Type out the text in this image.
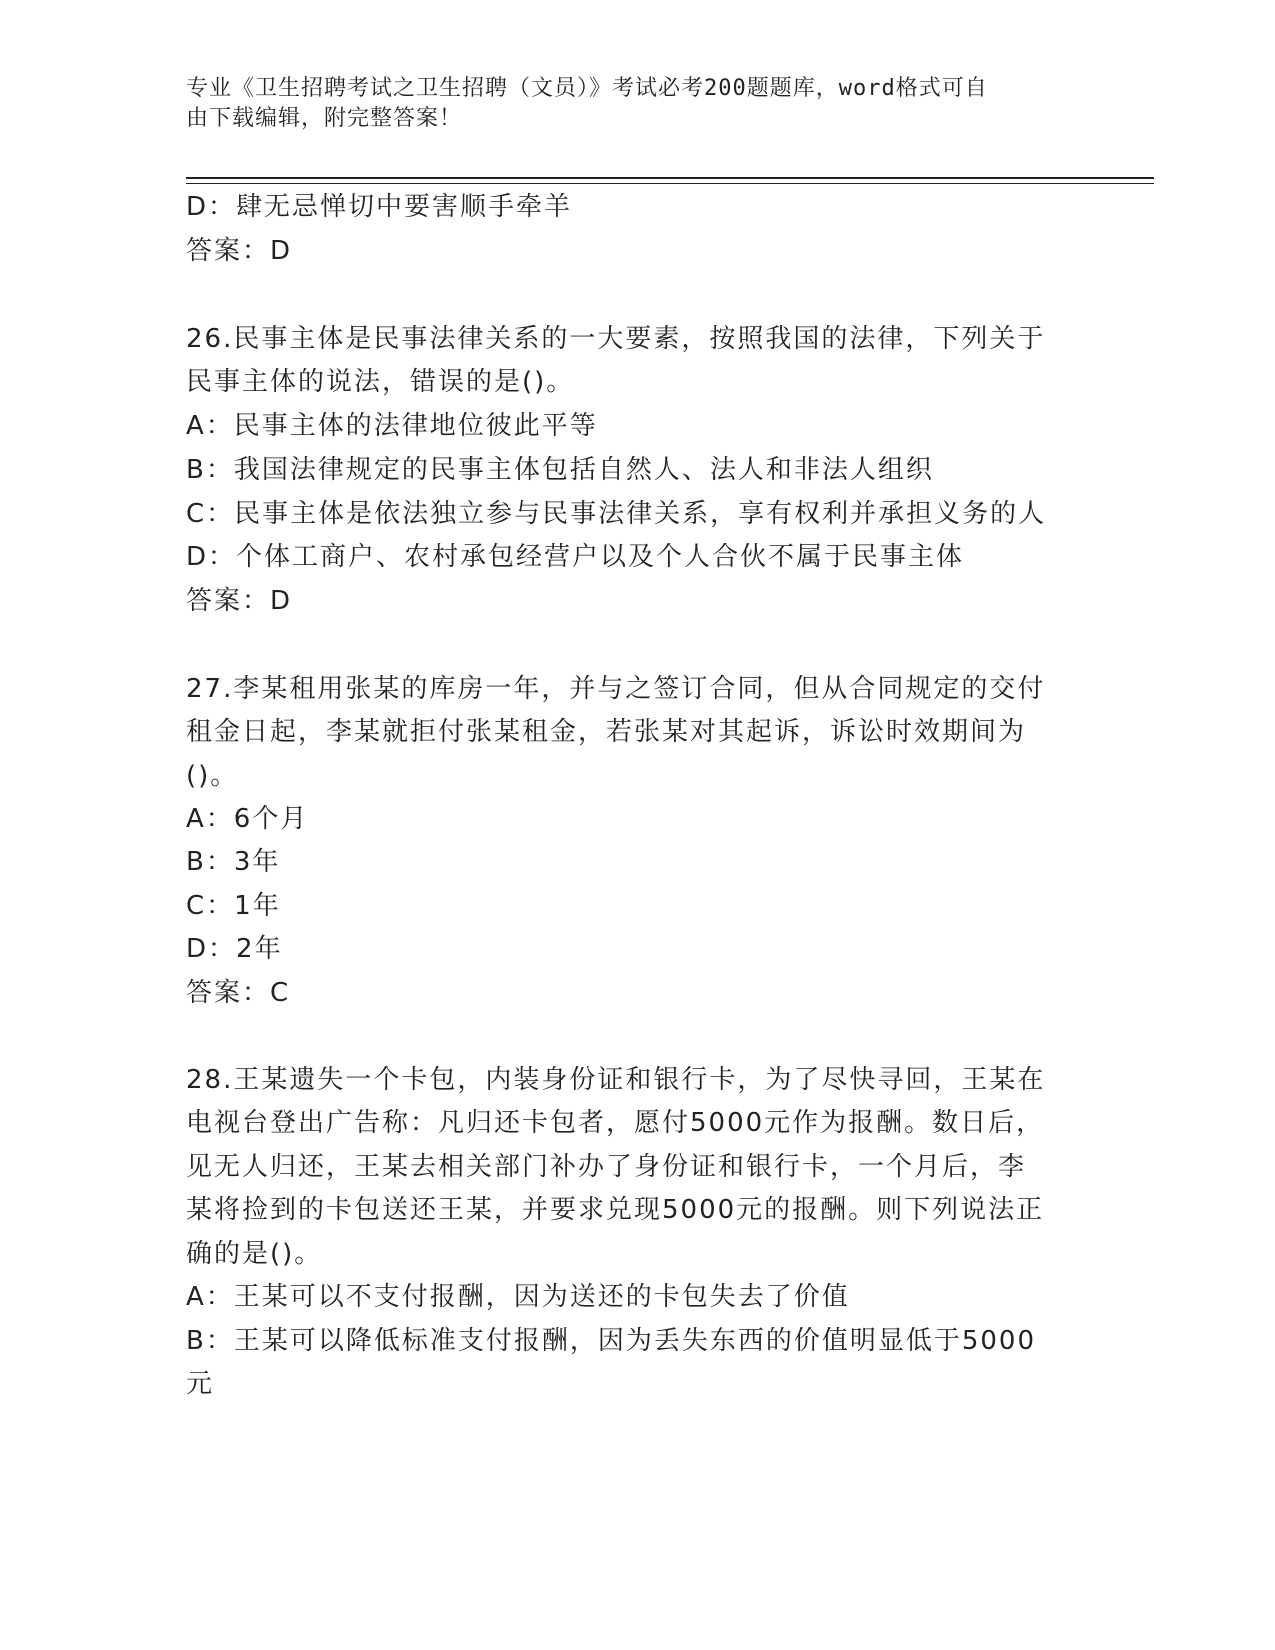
专业《卫生招聘考试之卫生招聘（文员）》考试必考200题题库，word格式可自
由下载编辑，附完整答案！
D：肆无忌惮切中要害顺手牵羊
答案：D
26.民事主体是民事法律关系的一大要素，按照我国的法律，下列关于
民事主体的说法，错误的是()。
A：民事主体的法律地位彼此平等
B：我国法律规定的民事主体包括自然人、法人和非法人组织
C：民事主体是依法独立参与民事法律关系，享有权利并承担义务的人
D：个体工商户、农村承包经营户以及个人合伙不属于民事主体
答案：D
27.李某租用张某的库房一年，并与之签订合同，但从合同规定的交付
租金日起，李某就拒付张某租金，若张某对其起诉，诉讼时效期间为
()。
A：6个月
B：3年
C：1年
D：2年
答案：C
28.王某遗失一个卡包，内装身份证和银行卡，为了尽快寻回，王某在
电视台登出广告称：凡归还卡包者，愿付5000元作为报酬。数日后，
见无人归还，王某去相关部门补办了身份证和银行卡，一个月后，李
某将捡到的卡包送还王某，并要求兑现5000元的报酬。则下列说法正
确的是()。
A：王某可以不支付报酬，因为送还的卡包失去了价值
B：王某可以降低标准支付报酬，因为丢失东西的价值明显低于5000
元
